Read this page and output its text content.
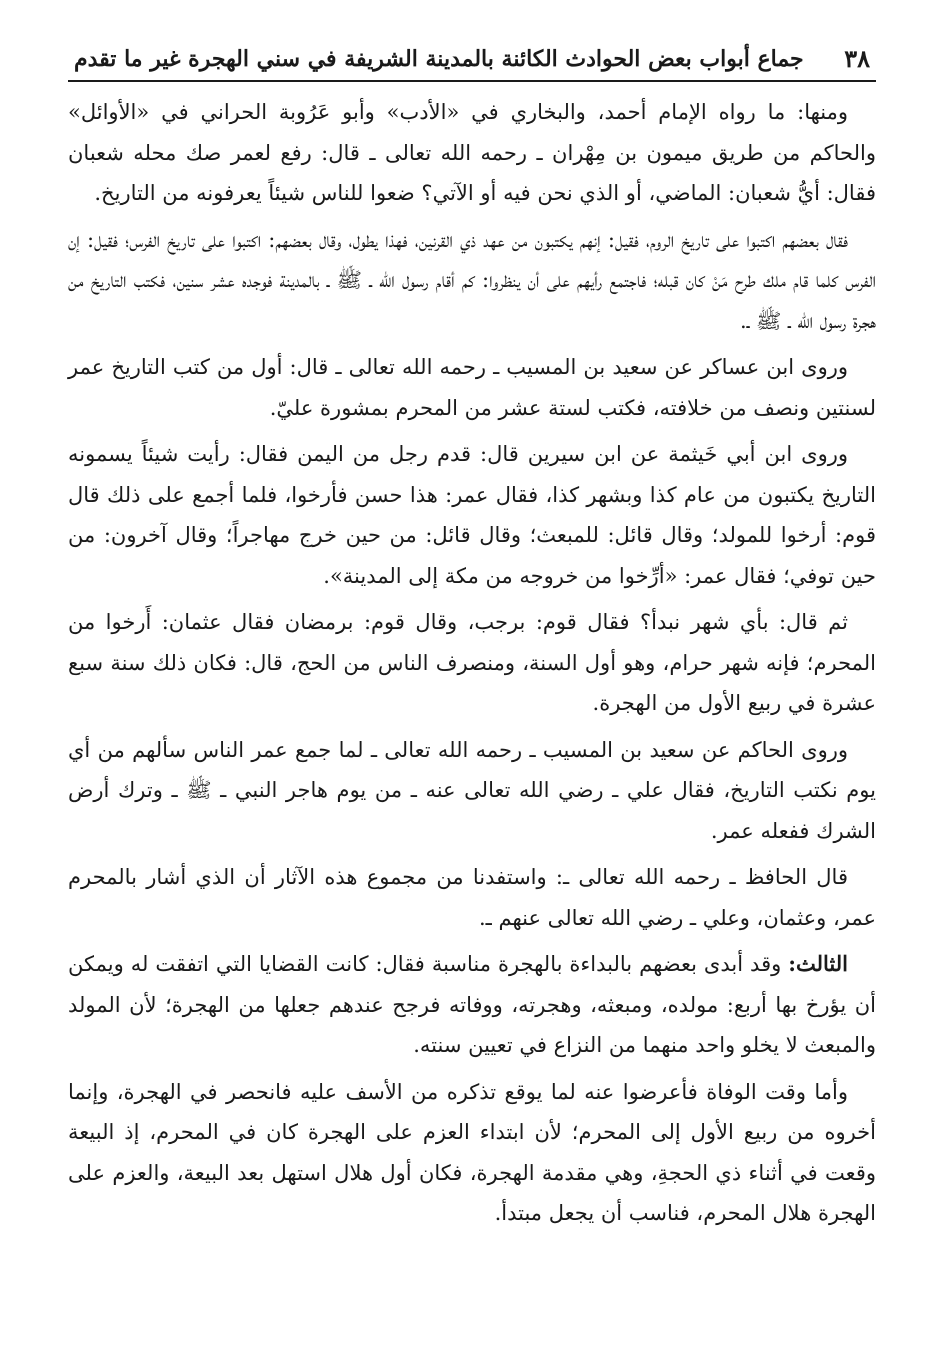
٣٨
جماع أبواب بعض الحوادث الكائنة بالمدينة الشريفة في سني الهجرة غير ما تقدم

ومنها: ما رواه الإمام أحمد، والبخاري في «الأدب» وأبو عَرُوبة الحراني في «الأوائل» والحاكم من طريق ميمون بن مِهْران ـ رحمه الله تعالى ـ قال: رفع لعمر صك محله شعبان فقال: أيُّ شعبان: الماضي، أو الذي نحن فيه أو الآتي؟ ضعوا للناس شيئاً يعرفونه من التاريخ.

فقال بعضهم اكتبوا على تاريخ الروم، فقيل: إنهم يكتبون من عهد ذي القرنين، فهذا يطول، وقال بعضهم: اكتبوا على تاريخ الفرس؛ فقيل: إن الفرس كلما قام ملك طرح مَنْ كان قبله؛ فاجتمع رأيهم على أن ينظروا: كم أقام رسول الله ـ ﷺ ـ بالمدينة فوجده عشر سنين، فكتب التاريخ من هجرة رسول الله ـ ﷺ ـ.

وروى ابن عساكر عن سعيد بن المسيب ـ رحمه الله تعالى ـ قال: أول من كتب التاريخ عمر لسنتين ونصف من خلافته، فكتب لستة عشر من المحرم بمشورة عليّ.

وروى ابن أبي خَيثمة عن ابن سيرين قال: قدم رجل من اليمن فقال: رأيت شيئاً يسمونه التاريخ يكتبون من عام كذا وبشهر كذا، فقال عمر: هذا حسن فأرخوا، فلما أجمع على ذلك قال قوم: أرخوا للمولد؛ وقال قائل: للمبعث؛ وقال قائل: من حين خرج مهاجراً؛ وقال آخرون: من حين توفي؛ فقال عمر: «أرِّخوا من خروجه من مكة إلى المدينة».

ثم قال: بأي شهر نبدأ؟ فقال قوم: برجب، وقال قوم: برمضان فقال عثمان: أَرخوا من المحرم؛ فإنه شهر حرام، وهو أول السنة، ومنصرف الناس من الحج، قال: فكان ذلك سنة سبع عشرة في ربيع الأول من الهجرة.

وروى الحاكم عن سعيد بن المسيب ـ رحمه الله تعالى ـ لما جمع عمر الناس سألهم من أي يوم نكتب التاريخ، فقال علي ـ رضي الله تعالى عنه ـ من يوم هاجر النبي ـ ﷺ ـ وترك أرض الشرك ففعله عمر.

قال الحافظ ـ رحمه الله تعالى ـ: واستفدنا من مجموع هذه الآثار أن الذي أشار بالمحرم عمر، وعثمان، وعلي ـ رضي الله تعالى عنهم ـ.

الثالث: وقد أبدى بعضهم بالبداءة بالهجرة مناسبة فقال: كانت القضايا التي اتفقت له ويمكن أن يؤرخ بها أربع: مولده، ومبعثه، وهجرته، ووفاته فرجح عندهم جعلها من الهجرة؛ لأن المولد والمبعث لا يخلو واحد منهما من النزاع في تعيين سنته.

وأما وقت الوفاة فأعرضوا عنه لما يوقع تذكره من الأسف عليه فانحصر في الهجرة، وإنما أخروه من ربيع الأول إلى المحرم؛ لأن ابتداء العزم على الهجرة كان في المحرم، إذ البيعة وقعت في أثناء ذي الحجةِ، وهي مقدمة الهجرة، فكان أول هلال استهل بعد البيعة، والعزم على الهجرة هلال المحرم، فناسب أن يجعل مبتدأ.
